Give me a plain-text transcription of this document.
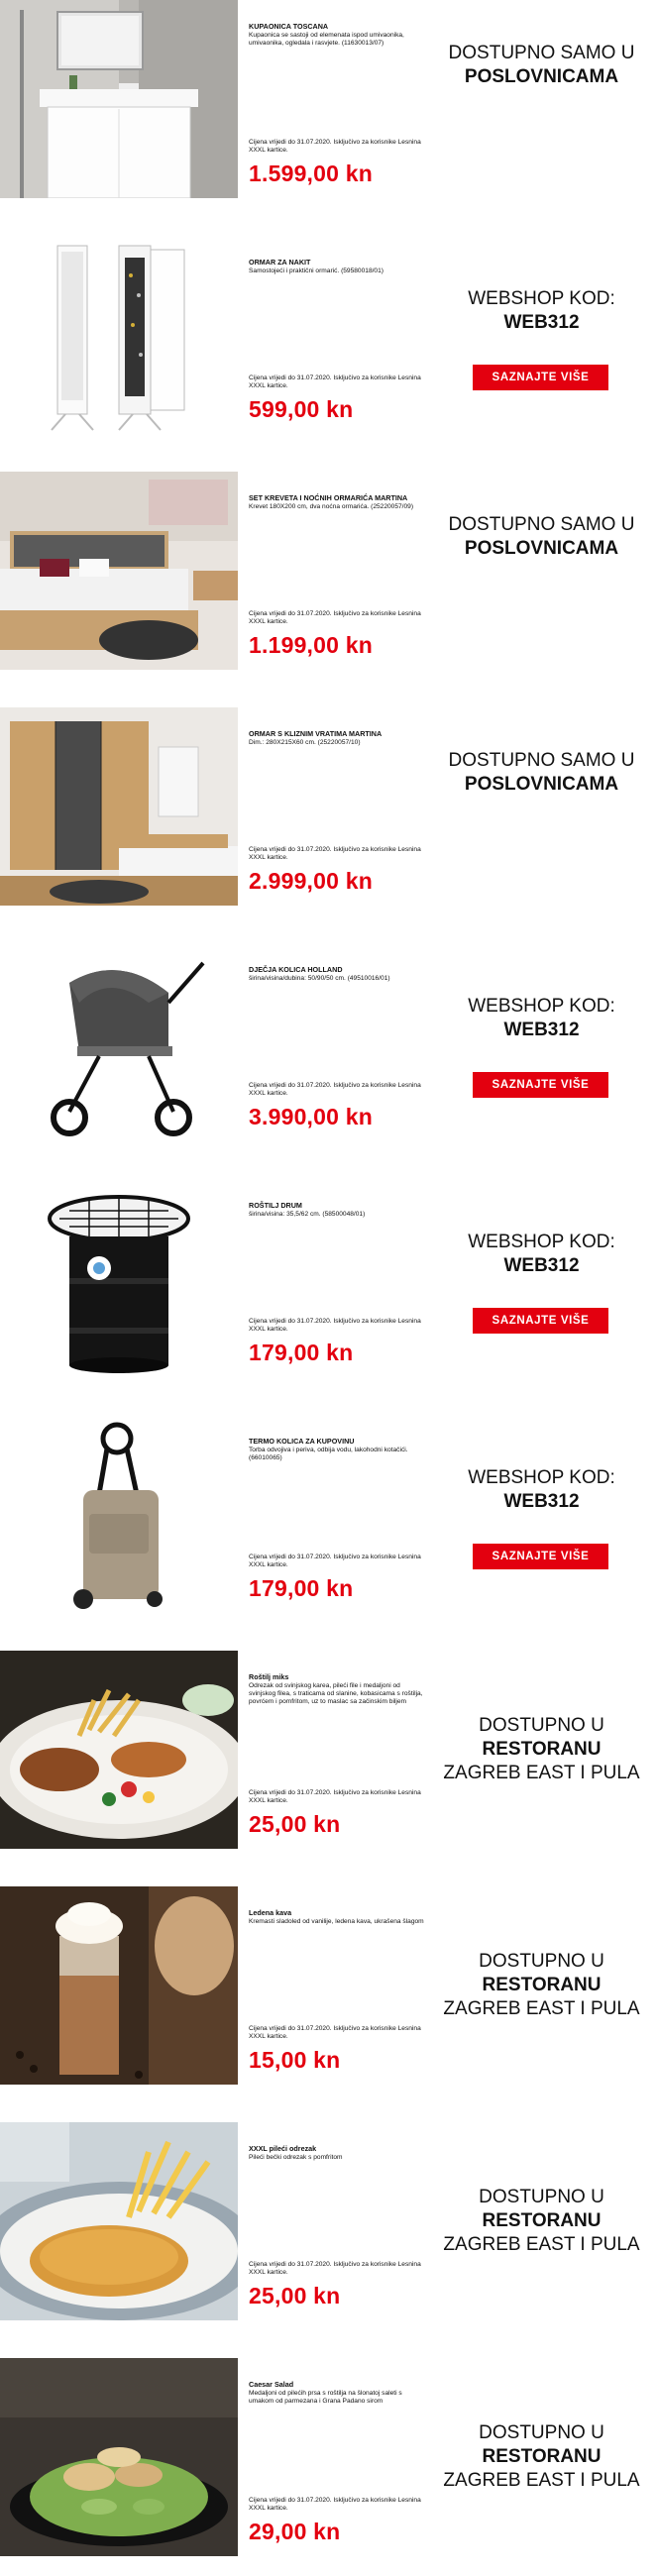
KUPAONICA TOSCANA
Kupaonica se sastoji od elemenata ispod umivaonika, umivaonika, ogledala i rasvjete. (11630013/07)
Cijena vrijedi do 31.07.2020. Isključivo za korisnike Lesnina XXXL kartice.
1.599,00 kn
DOSTUPNO SAMO U
POSLOVNICAMA
ORMAR ZA NAKIT
Samostojeći i praktični ormarić. (59580018/01)
Cijena vrijedi do 31.07.2020. Isključivo za korisnike Lesnina XXXL kartice.
599,00 kn
WEBSHOP KOD:
WEB312
SAZNAJTE VIŠE
SET KREVETA I NOĆNIH ORMARIĆA MARTINA
Krevet 180X200 cm, dva noćna ormarića. (25220057/09)
Cijena vrijedi do 31.07.2020. Isključivo za korisnike Lesnina XXXL kartice.
1.199,00 kn
DOSTUPNO SAMO U
POSLOVNICAMA
ORMAR S KLIZNIM VRATIMA MARTINA
Dim.: 280X215X60 cm. (25220057/10)
Cijena vrijedi do 31.07.2020. Isključivo za korisnike Lesnina XXXL kartice.
2.999,00 kn
DOSTUPNO SAMO U
POSLOVNICAMA
DJEČJA KOLICA HOLLAND
širina/visina/dubina: 50/90/50 cm. (49510016/01)
Cijena vrijedi do 31.07.2020. Isključivo za korisnike Lesnina XXXL kartice.
3.990,00 kn
WEBSHOP KOD:
WEB312
SAZNAJTE VIŠE
ROŠTILJ DRUM
širina/visina: 35,5/62 cm. (58500048/01)
Cijena vrijedi do 31.07.2020. Isključivo za korisnike Lesnina XXXL kartice.
179,00 kn
WEBSHOP KOD:
WEB312
SAZNAJTE VIŠE
TERMO KOLICA ZA KUPOVINU
Torba odvojiva i periva, odbija vodu, lakohodni kotačići. (66010065)
Cijena vrijedi do 31.07.2020. Isključivo za korisnike Lesnina XXXL kartice.
179,00 kn
WEBSHOP KOD:
WEB312
SAZNAJTE VIŠE
Roštilj miks
Odrezak od svinjskog karea, pileći file i medaljoni od svinjskog filea, s traticama od slanine, kobasicama s roštilja, povrćem i pomfritom, uz to maslac sa začinskim biljem
Cijena vrijedi do 31.07.2020. Isključivo za korisnike Lesnina XXXL kartice.
25,00 kn
DOSTUPNO U
RESTORANU
ZAGREB EAST I PULA
Ledena kava
Kremasti sladoled od vanilije, ledena kava, ukrašena šlagom
Cijena vrijedi do 31.07.2020. Isključivo za korisnike Lesnina XXXL kartice.
15,00 kn
DOSTUPNO U
RESTORANU
ZAGREB EAST I PULA
XXXL pileći odrezak
Pileći bečki odrezak s pomfritom
Cijena vrijedi do 31.07.2020. Isključivo za korisnike Lesnina XXXL kartice.
25,00 kn
DOSTUPNO U
RESTORANU
ZAGREB EAST I PULA
Caesar Salad
Medaljoni od pilećih prsa s roštilja na šlonatoj saleti s umakom od parmezana i Grana Padano sirom
Cijena vrijedi do 31.07.2020. Isključivo za korisnike Lesnina XXXL kartice.
29,00 kn
DOSTUPNO U
RESTORANU
ZAGREB EAST I PULA
